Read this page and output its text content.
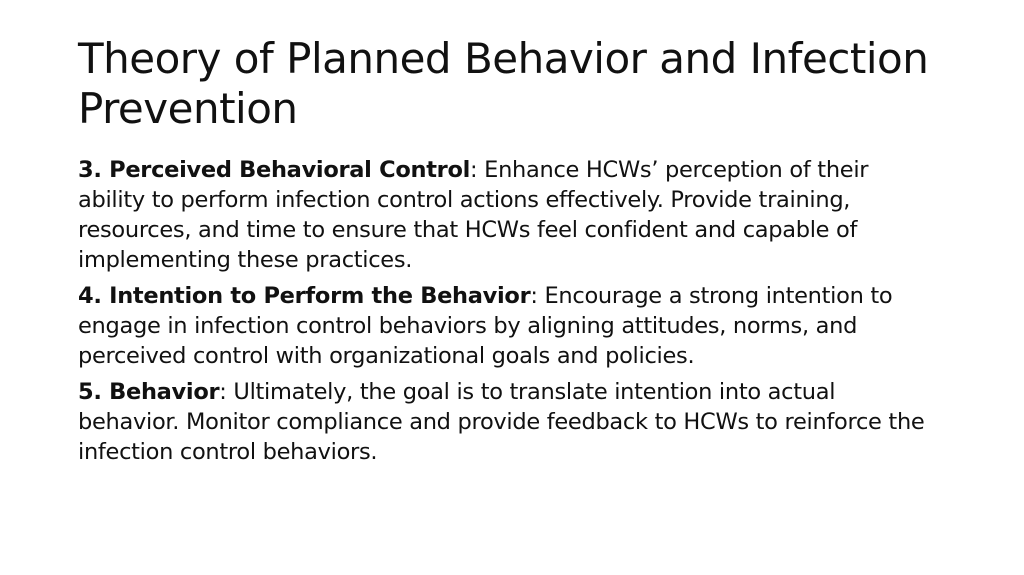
Theory of Planned Behavior and Infection Prevention
3. Perceived Behavioral Control: Enhance HCWs’ perception of their ability to perform infection control actions effectively. Provide training, resources, and time to ensure that HCWs feel confident and capable of implementing these practices.
4. Intention to Perform the Behavior: Encourage a strong intention to engage in infection control behaviors by aligning attitudes, norms, and perceived control with organizational goals and policies.
5. Behavior: Ultimately, the goal is to translate intention into actual behavior. Monitor compliance and provide feedback to HCWs to reinforce the infection control behaviors.
